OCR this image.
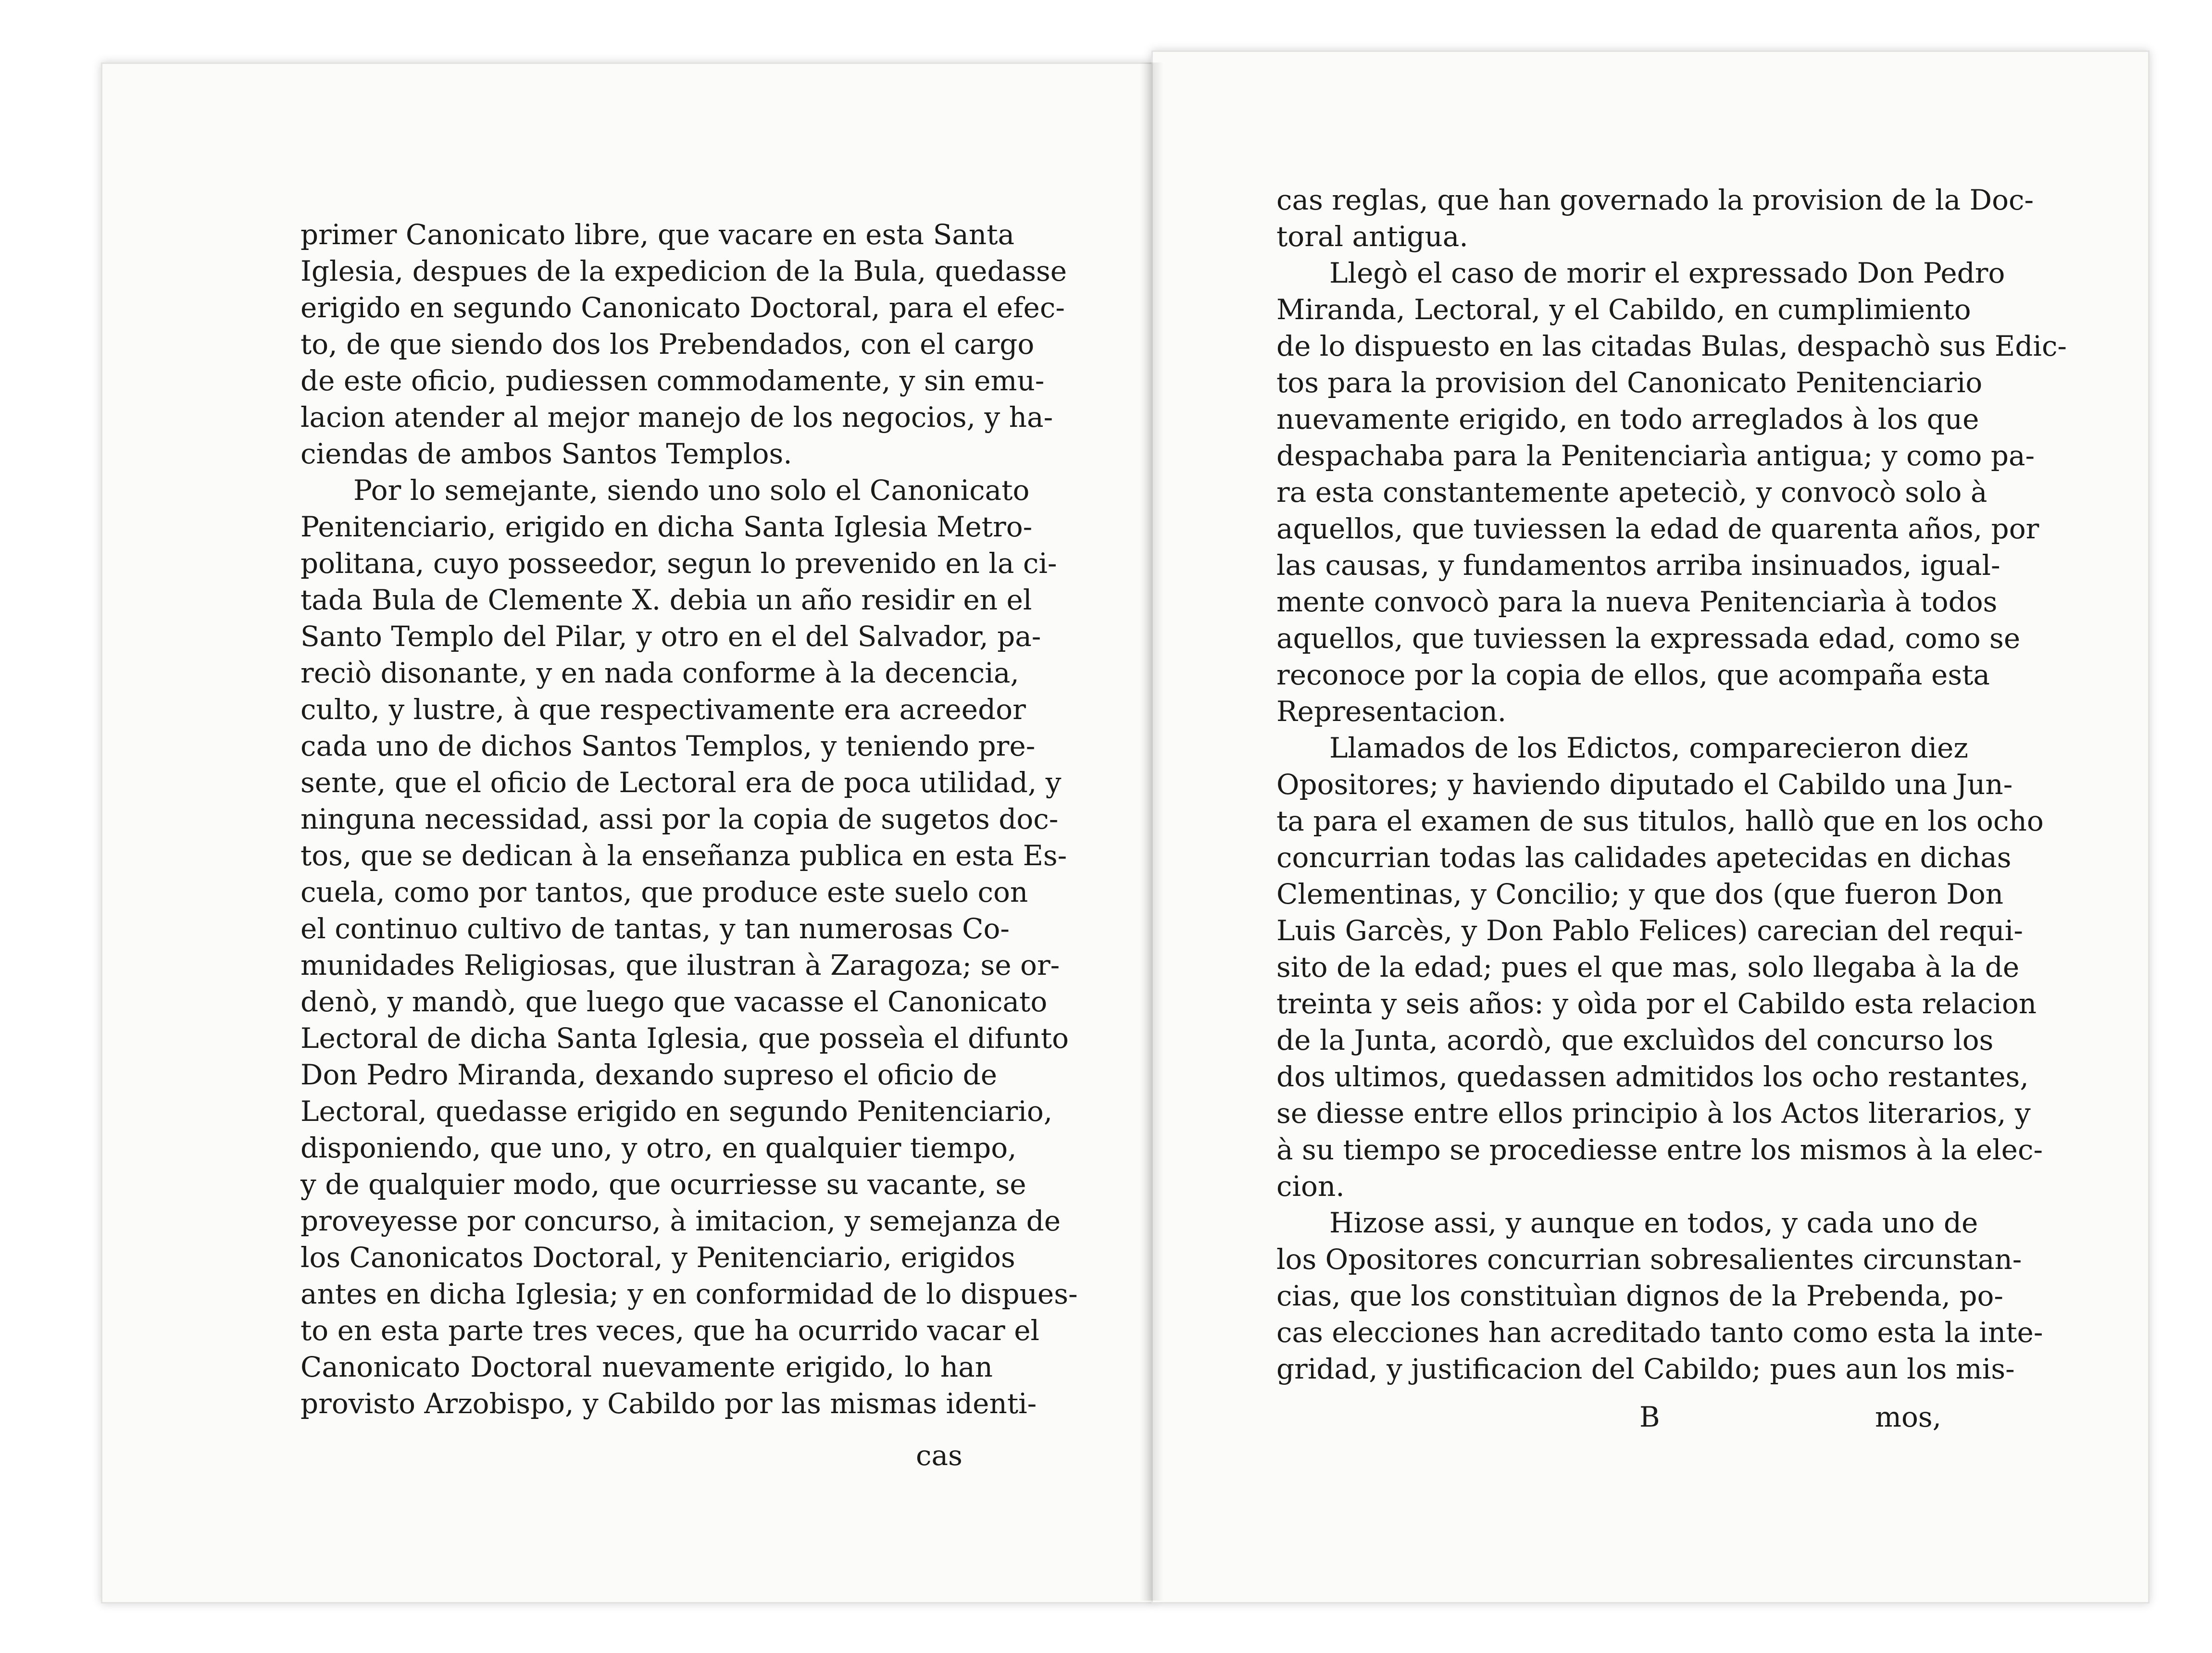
primer Canonicato libre, que vacare en esta Santa
Iglesia, despues de la expedicion de la Bula, quedasse
erigido en segundo Canonicato Doctoral, para el efec-
to, de que siendo dos los Prebendados, con el cargo
de este oficio, pudiessen commodamente, y sin emu-
lacion atender al mejor manejo de los negocios, y ha-
ciendas de ambos Santos Templos.
Por lo semejante, siendo uno solo el Canonicato
Penitenciario, erigido en dicha Santa Iglesia Metro-
politana, cuyo posseedor, segun lo prevenido en la ci-
tada Bula de Clemente X. debia un año residir en el
Santo Templo del Pilar, y otro en el del Salvador, pa-
reciò disonante, y en nada conforme à la decencia,
culto, y lustre, à que respectivamente era acreedor
cada uno de dichos Santos Templos, y teniendo pre-
sente, que el oficio de Lectoral era de poca utilidad, y
ninguna necessidad, assi por la copia de sugetos doc-
tos, que se dedican à la enseñanza publica en esta Es-
cuela, como por tantos, que produce este suelo con
el continuo cultivo de tantas, y tan numerosas Co-
munidades Religiosas, que ilustran à Zaragoza; se or-
denò, y mandò, que luego que vacasse el Canonicato
Lectoral de dicha Santa Iglesia, que posseìa el difunto
Don Pedro Miranda, dexando supreso el oficio de
Lectoral, quedasse erigido en segundo Penitenciario,
disponiendo, que uno, y otro, en qualquier tiempo,
y de qualquier modo, que ocurriesse su vacante, se
proveyesse por concurso, à imitacion, y semejanza de
los Canonicatos Doctoral, y Penitenciario, erigidos
antes en dicha Iglesia; y en conformidad de lo dispues-
to en esta parte tres veces, que ha ocurrido vacar el
Canonicato Doctoral nuevamente erigido, lo han
provisto Arzobispo, y Cabildo por las mismas identi-
cas
cas reglas, que han governado la provision de la Doc-
toral antigua.
Llegò el caso de morir el expressado Don Pedro
Miranda, Lectoral, y el Cabildo, en cumplimiento
de lo dispuesto en las citadas Bulas, despachò sus Edic-
tos para la provision del Canonicato Penitenciario
nuevamente erigido, en todo arreglados à los que
despachaba para la Penitenciarìa antigua; y como pa-
ra esta constantemente apeteciò, y convocò solo à
aquellos, que tuviessen la edad de quarenta años, por
las causas, y fundamentos arriba insinuados, igual-
mente convocò para la nueva Penitenciarìa à todos
aquellos, que tuviessen la expressada edad, como se
reconoce por la copia de ellos, que acompaña esta
Representacion.
Llamados de los Edictos, comparecieron diez
Opositores; y haviendo diputado el Cabildo una Jun-
ta para el examen de sus titulos, hallò que en los ocho
concurrian todas las calidades apetecidas en dichas
Clementinas, y Concilio; y que dos (que fueron Don
Luis Garcès, y Don Pablo Felices) carecian del requi-
sito de la edad; pues el que mas, solo llegaba à la de
treinta y seis años: y oìda por el Cabildo esta relacion
de la Junta, acordò, que excluìdos del concurso los
dos ultimos, quedassen admitidos los ocho restantes,
se diesse entre ellos principio à los Actos literarios, y
à su tiempo se procediesse entre los mismos à la elec-
cion.
Hizose assi, y aunque en todos, y cada uno de
los Opositores concurrian sobresalientes circunstan-
cias, que los constituìan dignos de la Prebenda, po-
cas elecciones han acreditado tanto como esta la inte-
gridad, y justificacion del Cabildo; pues aun los mis-
B	mos,
